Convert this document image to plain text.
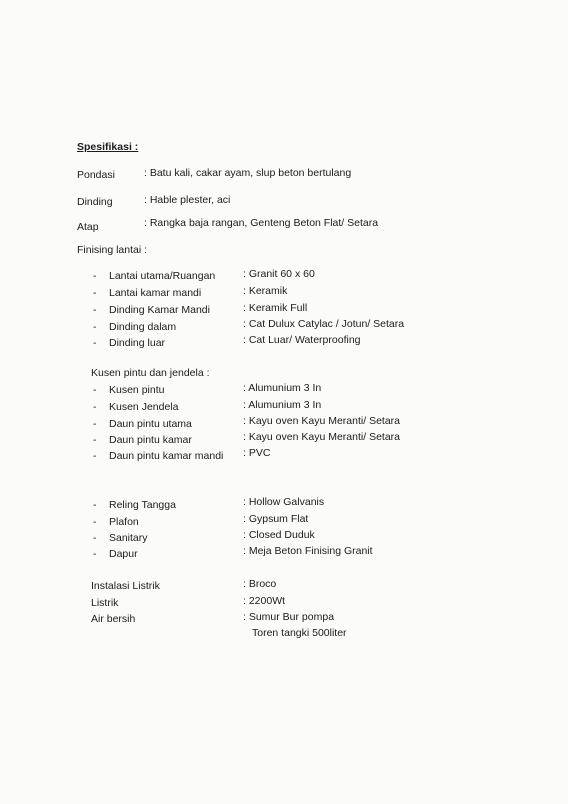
Spesifikasi :
Pondasi	: Batu kali, cakar ayam, slup beton bertulang
Dinding	: Hable plester, aci
Atap	: Rangka baja rangan, Genteng Beton Flat/ Setara
Finising lantai :
- Lantai utama/Ruangan	: Granit 60 x 60
- Lantai kamar mandi	: Keramik
- Dinding Kamar Mandi	: Keramik Full
- Dinding dalam	: Cat Dulux Catylac / Jotun/ Setara
- Dinding luar	: Cat Luar/ Waterproofing
Kusen pintu dan jendela :
- Kusen pintu	: Alumunium 3 In
- Kusen Jendela	: Alumunium 3 In
- Daun pintu utama	: Kayu oven Kayu Meranti/ Setara
- Daun pintu kamar	: Kayu oven Kayu Meranti/ Setara
- Daun pintu kamar mandi : PVC
- Reling Tangga	: Hollow Galvanis
- Plafon	: Gypsum Flat
- Sanitary	: Closed Duduk
- Dapur	: Meja Beton Finising Granit
Instalasi Listrik	: Broco
Listrik	: 2200Wt
Air bersih	: Sumur Bur pompa
Toren tangki 500liter
